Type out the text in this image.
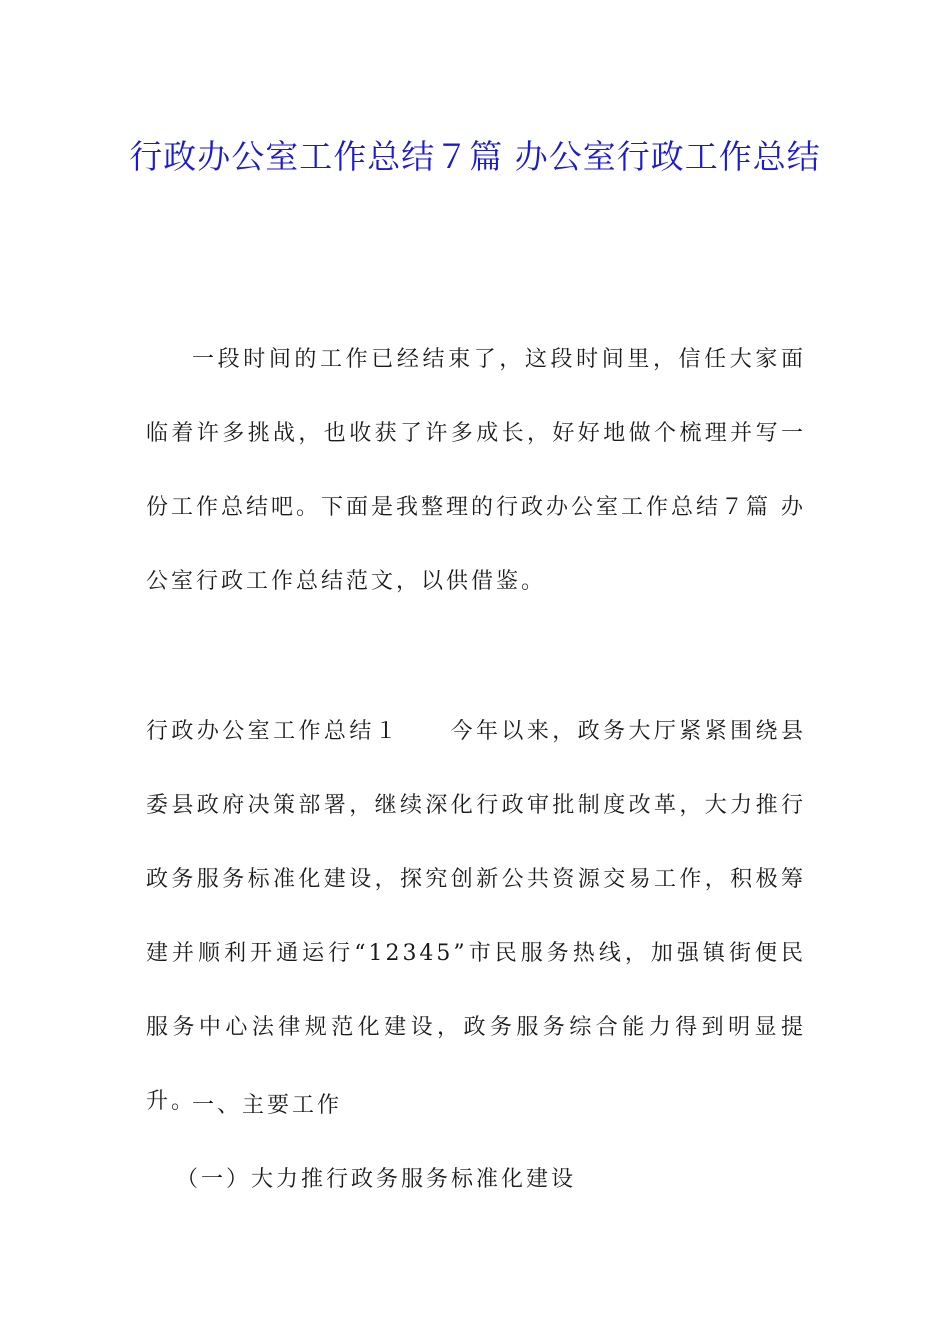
行政办公室工作总结７篇 办公室行政工作总结

一段时间的工作已经结束了，这段时间里，信任大家面临着许多挑战，也收获了许多成长，好好地做个梳理并写一份工作总结吧。下面是我整理的行政办公室工作总结７篇 办公室行政工作总结范文，以供借鉴。

行政办公室工作总结１ 今年以来，政务大厅紧紧围绕县委县政府决策部署，继续深化行政审批制度改革，大力推行政务服务标准化建设，探究创新公共资源交易工作，积极筹建并顺利开通运行“12345”市民服务热线，加强镇街便民服务中心法律规范化建设，政务服务综合能力得到明显提升。

一、主要工作

（一）大力推行政务服务标准化建设
